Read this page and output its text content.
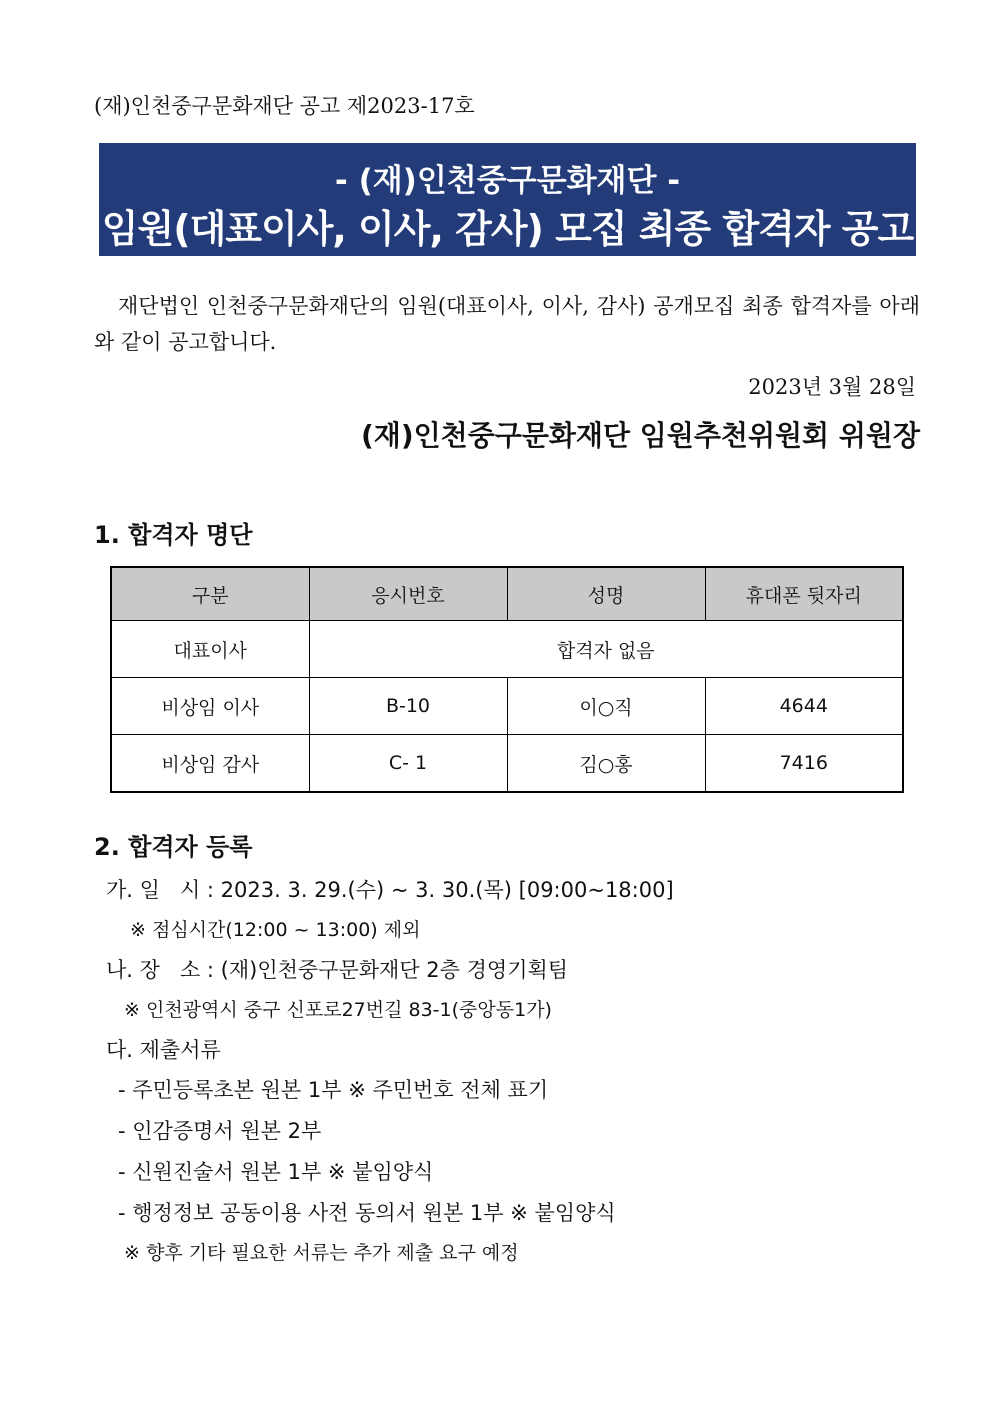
(재)인천중구문화재단 공고 제2023-17호
- (재)인천중구문화재단 -
임원(대표이사, 이사, 감사) 모집 최종 합격자 공고
재단법인 인천중구문화재단의 임원(대표이사, 이사, 감사) 공개모집 최종 합격자를 아래와 같이 공고합니다.
2023년 3월 28일
(재)인천중구문화재단 임원추천위원회 위원장
1. 합격자 명단
구분	응시번호	성명	휴대폰 뒷자리
대표이사	합격자 없음		
비상임 이사	B-10	이○직	4644
비상임 감사	C- 1	김○홍	7416
2. 합격자 등록
가. 일   시 : 2023. 3. 29.(수) ~ 3. 30.(목) [09:00~18:00]
※ 점심시간(12:00 ~ 13:00) 제외
나. 장   소 : (재)인천중구문화재단 2층 경영기획팀
※ 인천광역시 중구 신포로27번길 83-1(중앙동1가)
다. 제출서류
- 주민등록초본 원본 1부 ※ 주민번호 전체 표기
- 인감증명서 원본 2부
- 신원진술서 원본 1부 ※ 붙임양식
- 행정정보 공동이용 사전 동의서 원본 1부 ※ 붙임양식
※ 향후 기타 필요한 서류는 추가 제출 요구 예정
